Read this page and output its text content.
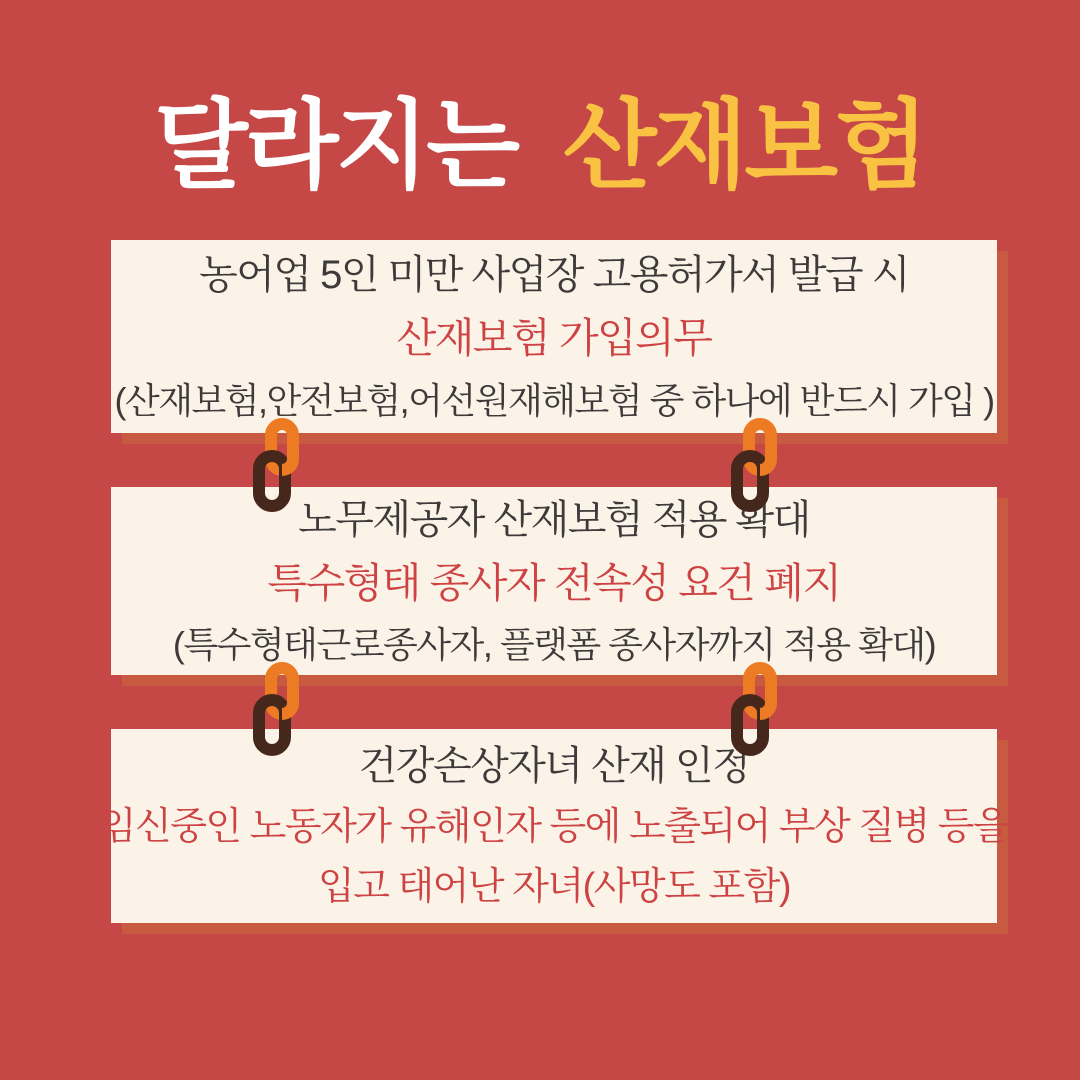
달라지는 산재보험
농어업 5인 미만 사업장 고용허가서 발급 시
산재보험 가입의무
(산재보험,안전보험,어선원재해보험 중 하나에 반드시 가입 )
노무제공자 산재보험 적용 확대
특수형태 종사자 전속성 요건 폐지
(특수형태근로종사자, 플랫폼 종사자까지 적용 확대)
건강손상자녀 산재 인정
임신중인 노동자가 유해인자 등에 노출되어 부상 질병 등을
입고 태어난 자녀(사망도 포함)
